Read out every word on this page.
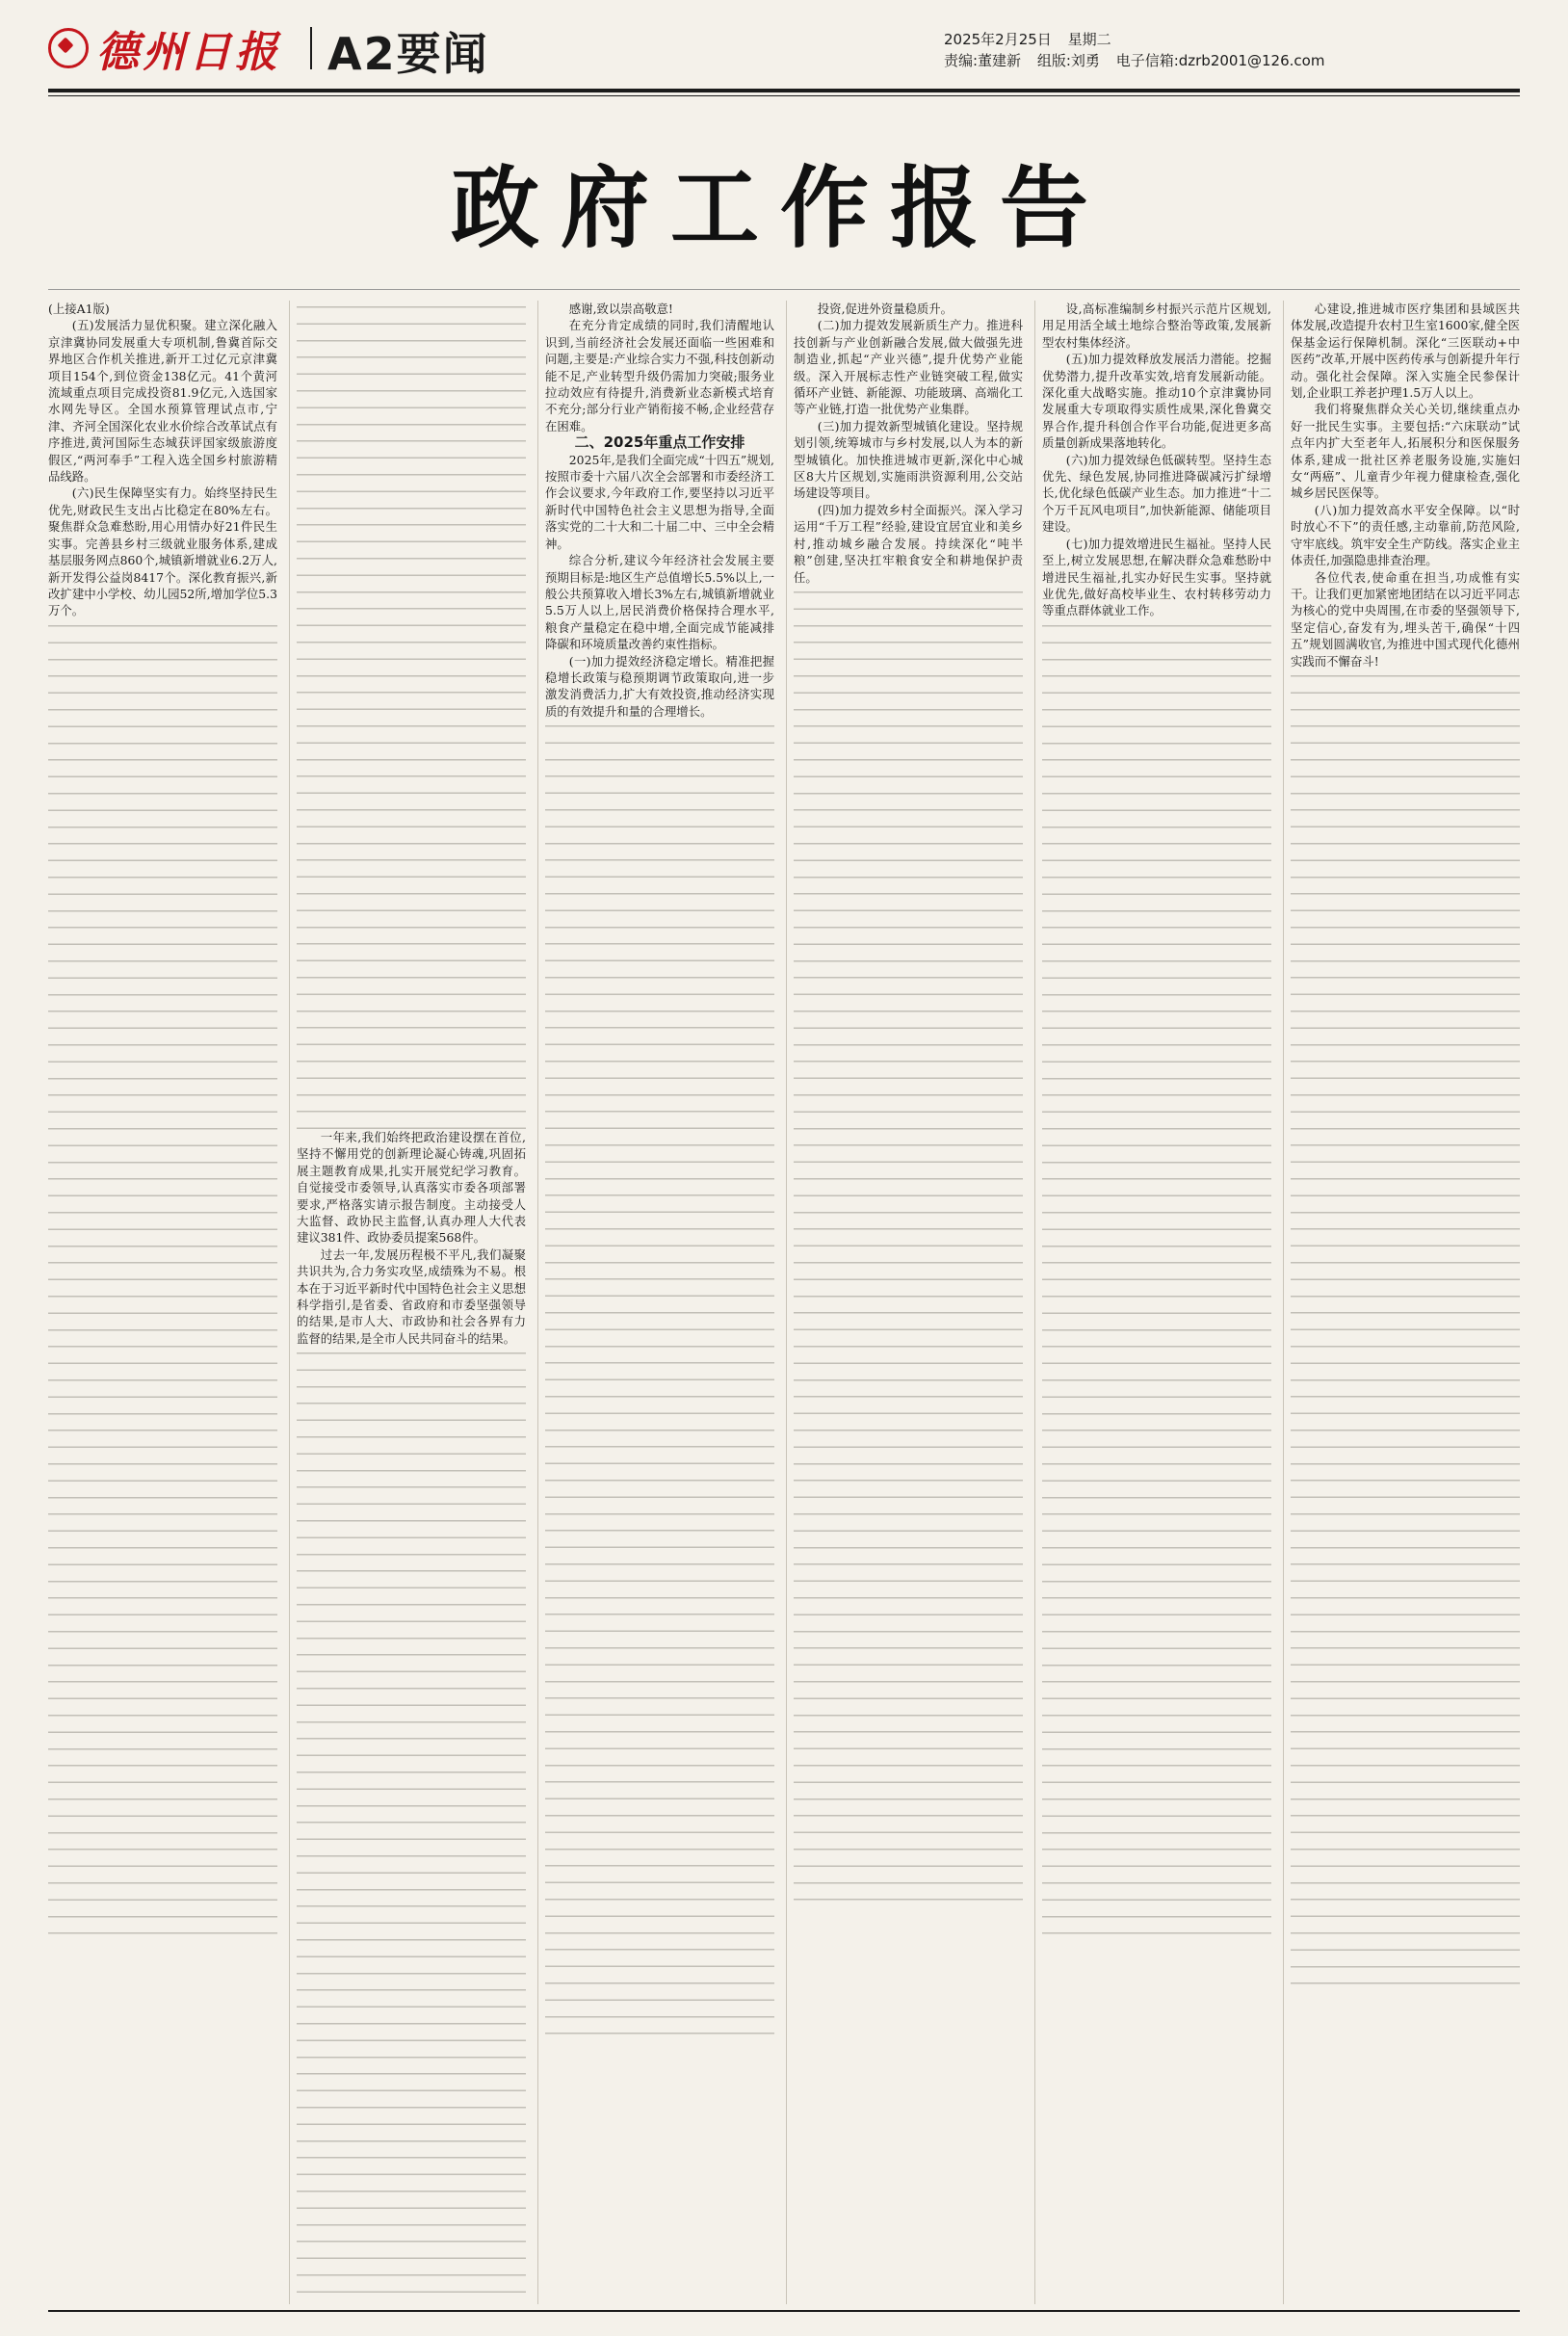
德州日报 A2要闻	2025年2月25日 星期二
责编:董建新 组版:刘勇 电子信箱:dzrb2001@126.com
政府工作报告

(上接A1版)

(五)发展活力显优积聚。建立深化融入京津冀协同发展重大专项机制,鲁冀首际交界地区合作机关推进,新开工过亿元京津冀项目154个,到位资金138亿元。41个黄河流域重点项目完成投资81.9亿元,入选国家水网先导区。全国水预算管理试点市,宁津、齐河全国深化农业水价综合改革试点有序推进,黄河国际生态城获评国家级旅游度假区,“两河奉手”工程入选全国乡村旅游精品线路。

(六)民生保障坚实有力。始终坚持民生优先,财政民生支出占比稳定在80%左右。聚焦群众急难愁盼,用心用情办好21件民生实事。完善县乡村三级就业服务体系,建成基层服务网点860个,城镇新增就业6.2万人,新开发得公益岗8417个。深化教育振兴,新改扩建中小学校、幼儿园52所,增加学位5.3万个。

一年来,我们始终把政治建设摆在首位,坚持不懈用党的创新理论凝心铸魂,巩固拓展主题教育成果,扎实开展党纪学习教育。自觉接受市委领导,认真落实市委各项部署要求,严格落实请示报告制度。主动接受人大监督、政协民主监督,认真办理人大代表建议381件、政协委员提案568件。

过去一年,发展历程极不平凡,我们凝聚共识共为,合力务实攻坚,成绩殊为不易。根本在于习近平新时代中国特色社会主义思想科学指引,是省委、省政府和市委坚强领导的结果,是市人大、市政协和社会各界有力监督的结果,是全市人民共同奋斗的结果。

感谢,致以崇高敬意!

在充分肯定成绩的同时,我们清醒地认识到,当前经济社会发展还面临一些困难和问题,主要是:产业综合实力不强,科技创新动能不足,产业转型升级仍需加力突破;服务业拉动效应有待提升,消费新业态新模式培育不充分;部分行业产销衔接不畅,企业经营存在困难。

二、2025年重点工作安排

2025年,是我们全面完成“十四五”规划,按照市委十六届八次全会部署和市委经济工作会议要求,今年政府工作,要坚持以习近平新时代中国特色社会主义思想为指导,全面落实党的二十大和二十届二中、三中全会精神。

综合分析,建议今年经济社会发展主要预期目标是:地区生产总值增长5.5%以上,一般公共预算收入增长3%左右,城镇新增就业5.5万人以上,居民消费价格保持合理水平,粮食产量稳定在稳中增,全面完成节能减排降碳和环境质量改善约束性指标。

(一)加力提效经济稳定增长。精准把握稳增长政策与稳预期调节政策取向,进一步激发消费活力,扩大有效投资,推动经济实现质的有效提升和量的合理增长。

投资,促进外资量稳质升。

(二)加力提效发展新质生产力。推进科技创新与产业创新融合发展,做大做强先进制造业,抓起“产业兴德”,提升优势产业能级。深入开展标志性产业链突破工程,做实循环产业链、新能源、功能玻璃、高端化工等产业链,打造一批优势产业集群。

(三)加力提效新型城镇化建设。坚持规划引领,统筹城市与乡村发展,以人为本的新型城镇化。加快推进城市更新,深化中心城区8大片区规划,实施雨洪资源利用,公交站场建设等项目。

(四)加力提效乡村全面振兴。深入学习运用“千万工程”经验,建设宜居宜业和美乡村,推动城乡融合发展。持续深化“吨半粮”创建,坚决扛牢粮食安全和耕地保护责任。

设,高标准编制乡村振兴示范片区规划,用足用活全域土地综合整治等政策,发展新型农村集体经济。

(五)加力提效释放发展活力潜能。挖掘优势潜力,提升改革实效,培育发展新动能。深化重大战略实施。推动10个京津冀协同发展重大专项取得实质性成果,深化鲁冀交界合作,提升科创合作平台功能,促进更多高质量创新成果落地转化。

(六)加力提效绿色低碳转型。坚持生态优先、绿色发展,协同推进降碳减污扩绿增长,优化绿色低碳产业生态。加力推进“十二个万千瓦风电项目”,加快新能源、储能项目建设。

(七)加力提效增进民生福祉。坚持人民至上,树立发展思想,在解决群众急难愁盼中增进民生福祉,扎实办好民生实事。坚持就业优先,做好高校毕业生、农村转移劳动力等重点群体就业工作。

心建设,推进城市医疗集团和县域医共体发展,改造提升农村卫生室1600家,健全医保基金运行保障机制。深化“三医联动+中医药”改革,开展中医药传承与创新提升年行动。强化社会保障。深入实施全民参保计划,企业职工养老护理1.5万人以上。

我们将聚焦群众关心关切,继续重点办好一批民生实事。主要包括:“六床联动”试点年内扩大至老年人,拓展积分和医保服务体系,建成一批社区养老服务设施,实施妇女“两癌”、儿童青少年视力健康检查,强化城乡居民医保等。

(八)加力提效高水平安全保障。以“时时放心不下”的责任感,主动靠前,防范风险,守牢底线。筑牢安全生产防线。落实企业主体责任,加强隐患排查治理。

各位代表,使命重在担当,功成惟有实干。让我们更加紧密地团结在以习近平同志为核心的党中央周围,在市委的坚强领导下,坚定信心,奋发有为,埋头苦干,确保“十四五”规划圆满收官,为推进中国式现代化德州实践而不懈奋斗!
